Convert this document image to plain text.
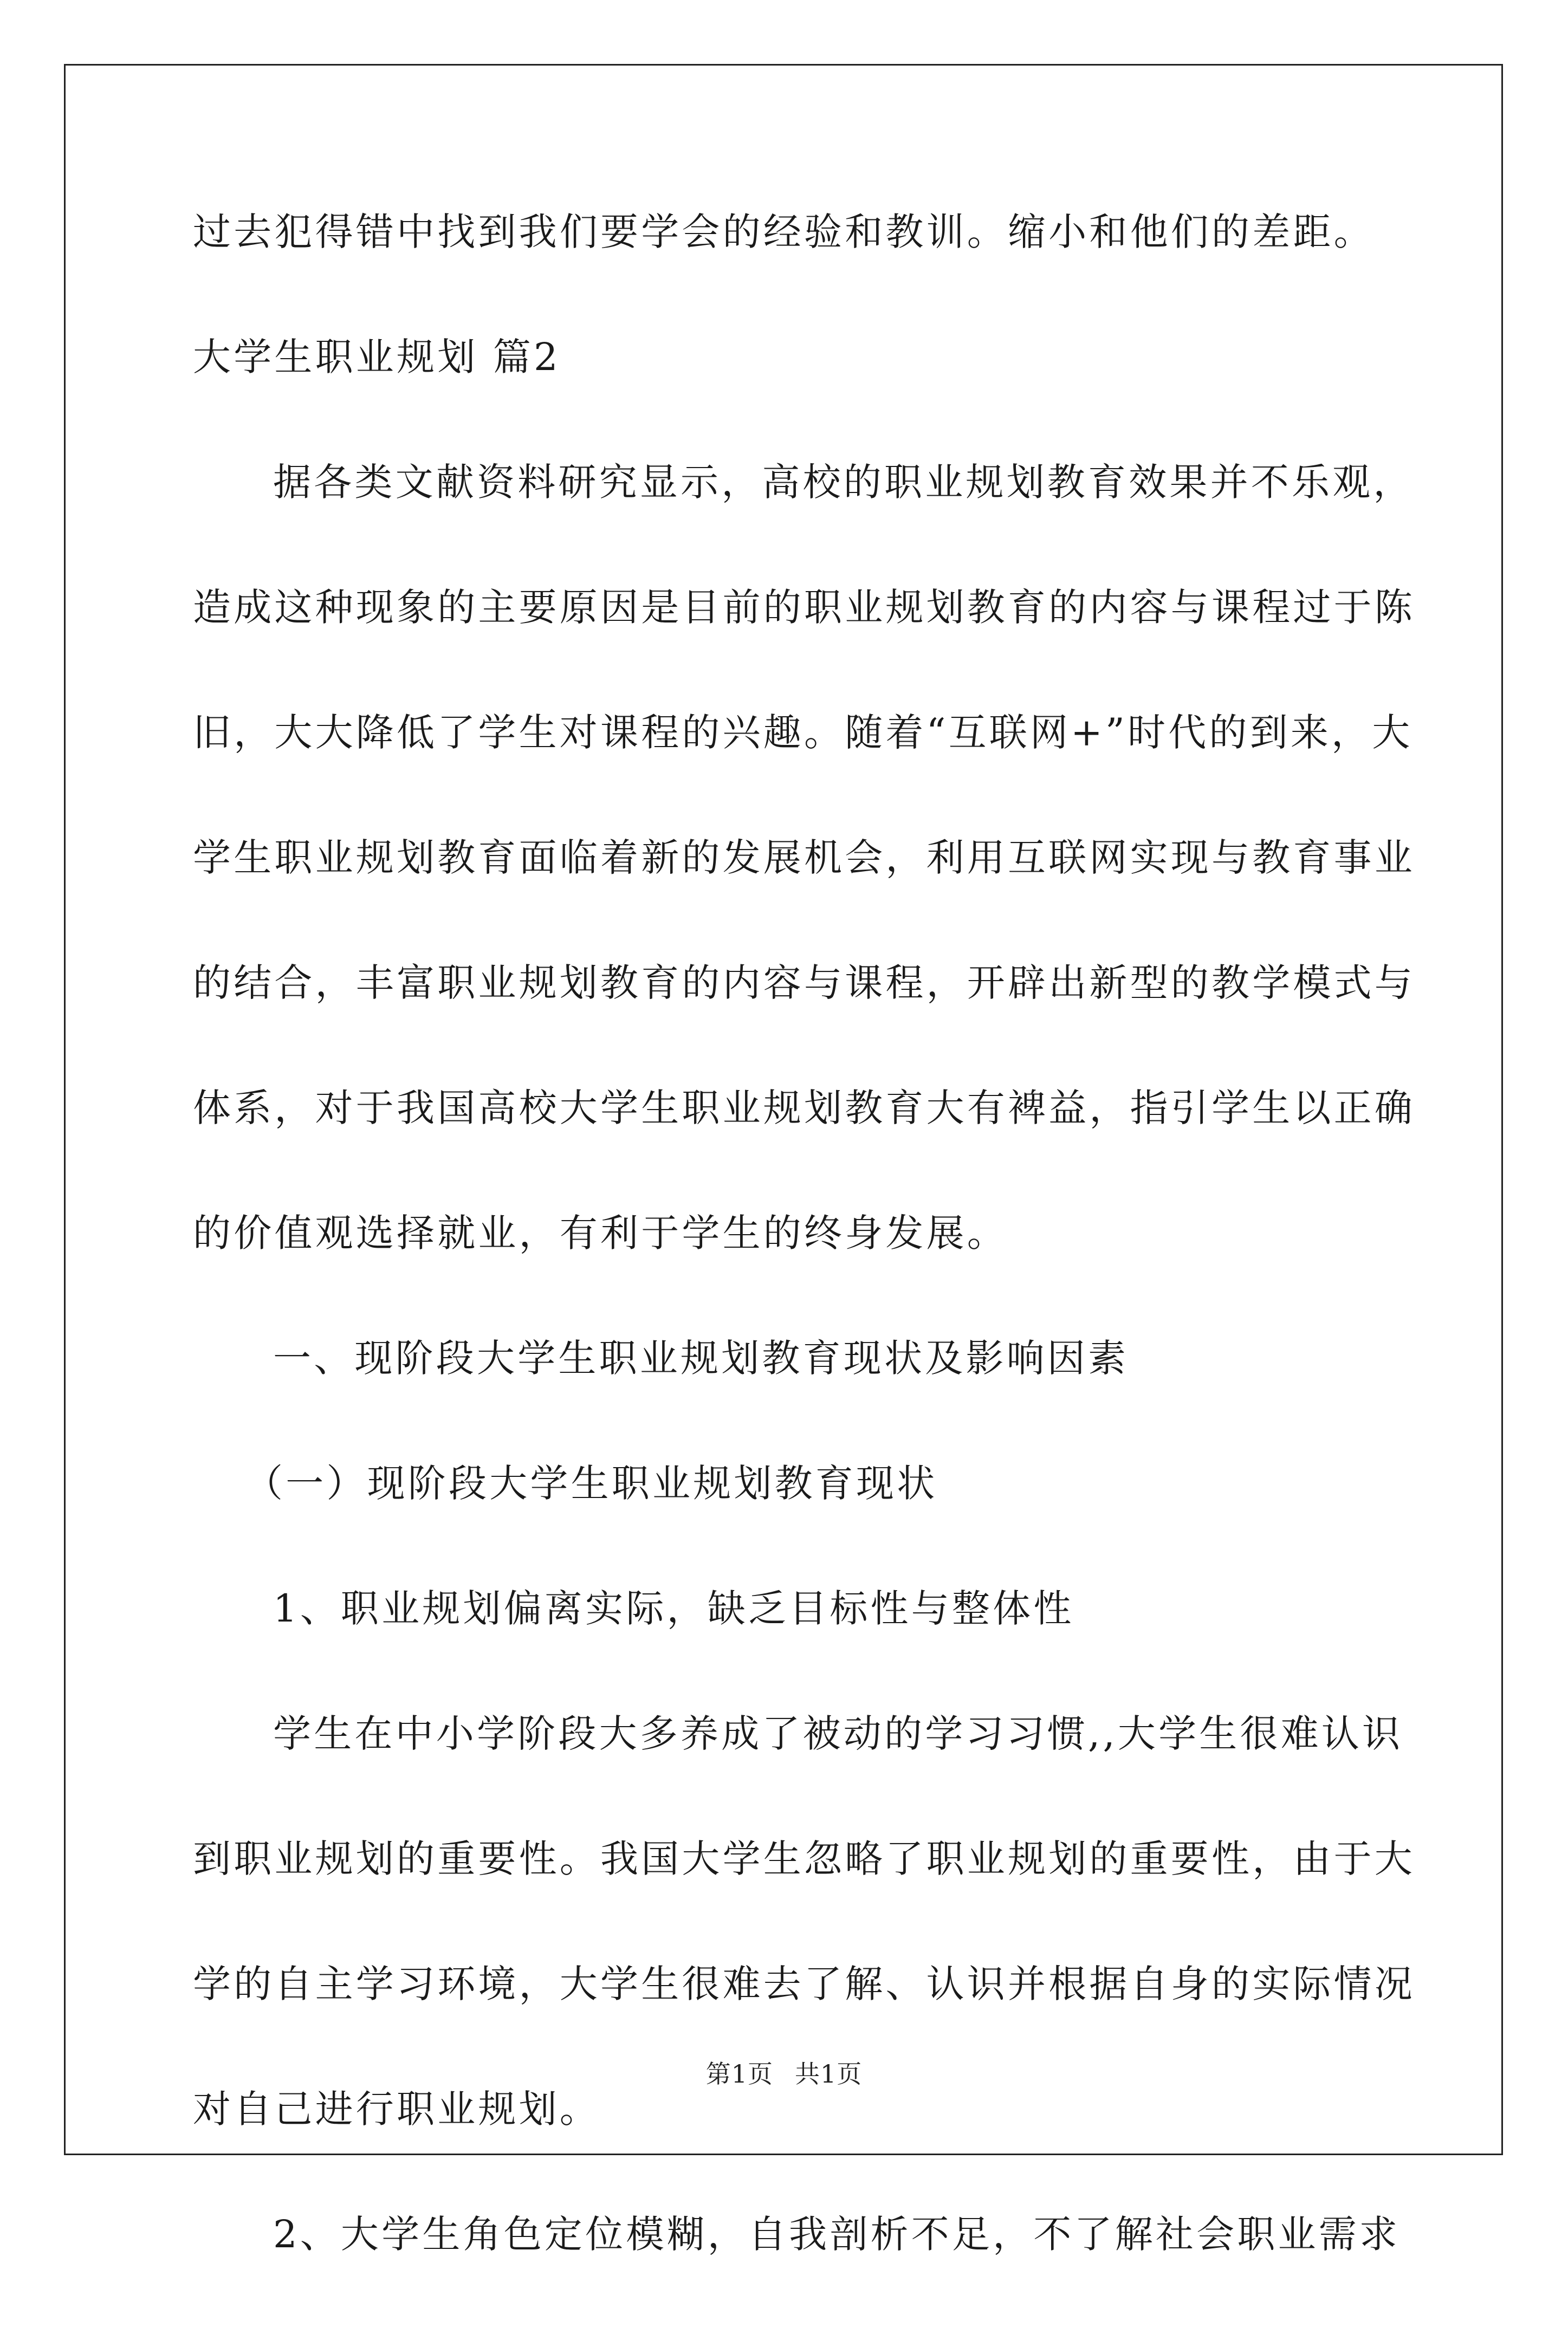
过去犯得错中找到我们要学会的经验和教训。缩小和他们的差距。
大学生职业规划 篇2
据各类文献资料研究显示，高校的职业规划教育效果并不乐观，
造成这种现象的主要原因是目前的职业规划教育的内容与课程过于陈
旧，大大降低了学生对课程的兴趣。随着“互联网+”时代的到来，大
学生职业规划教育面临着新的发展机会，利用互联网实现与教育事业
的结合，丰富职业规划教育的内容与课程，开辟出新型的教学模式与
体系，对于我国高校大学生职业规划教育大有裨益，指引学生以正确
的价值观选择就业，有利于学生的终身发展。
一、现阶段大学生职业规划教育现状及影响因素
（一）现阶段大学生职业规划教育现状
1、职业规划偏离实际，缺乏目标性与整体性
学生在中小学阶段大多养成了被动的学习习惯,,大学生很难认识
到职业规划的重要性。我国大学生忽略了职业规划的重要性，由于大
学的自主学习环境，大学生很难去了解、认识并根据自身的实际情况
对自己进行职业规划。
2、大学生角色定位模糊，自我剖析不足，不了解社会职业需求
第1页 共1页
